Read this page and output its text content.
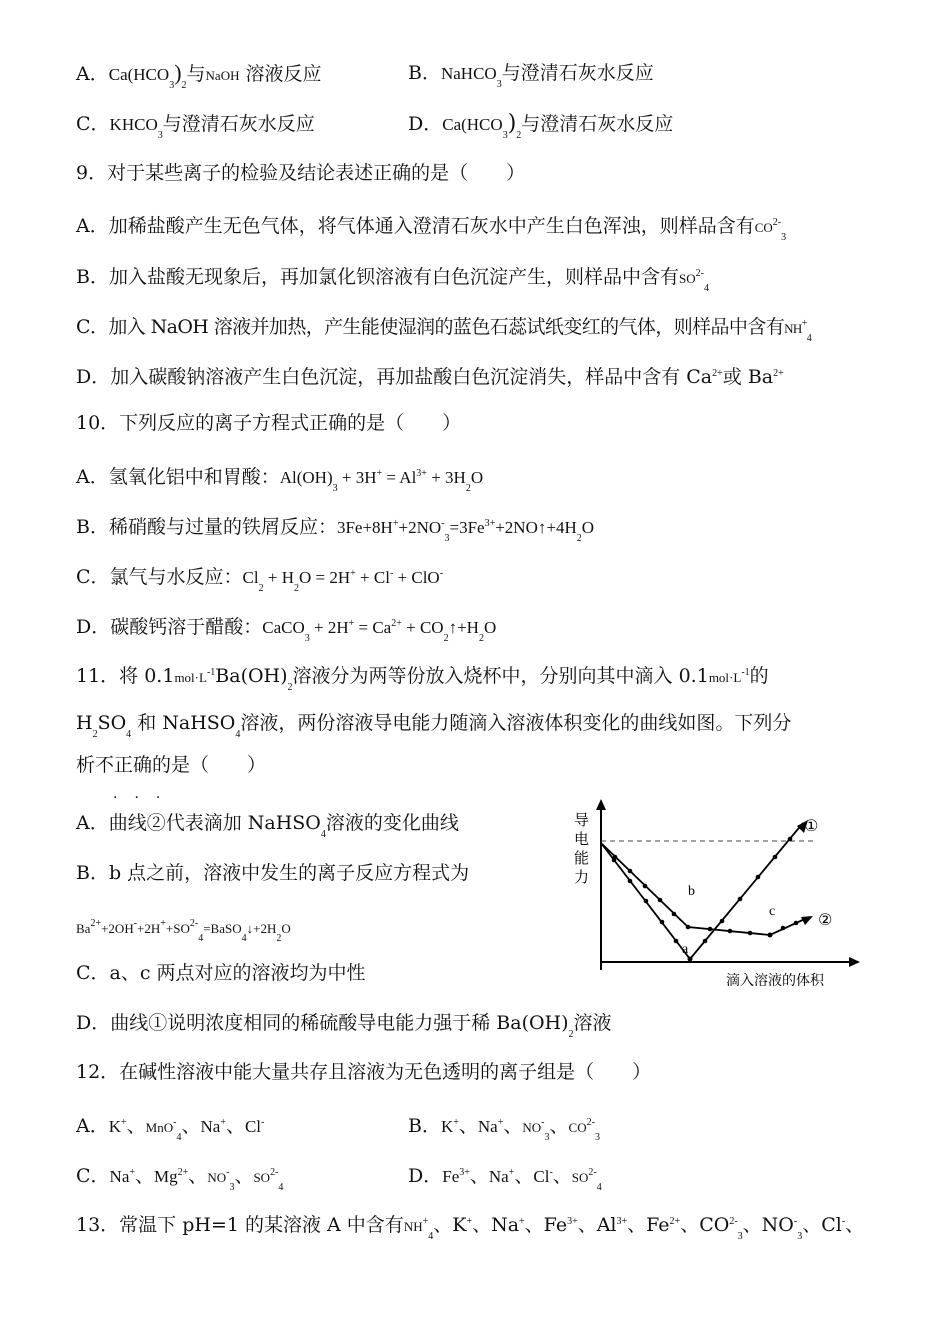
A．$Ca(HCO_3)_2$与NaOH 溶液反应	B．NaHCO$_3$与澄清石灰水反应
C．$KHCO_3$与澄清石灰水反应	D．$Ca(HCO_3)_2$与澄清石灰水反应
9．对于某些离子的检验及结论表述正确的是（　　）
A．加稀盐酸产生无色气体，将气体通入澄清石灰水中产生白色浑浊，则样品含有$CO^{2-}_3$
B．加入盐酸无现象后，再加氯化钡溶液有白色沉淀产生，则样品中含有$SO^{2-}_4$
C．加入 NaOH 溶液并加热，产生能使湿润的蓝色石蕊试纸变红的气体，则样品中含有$NH^+_4$
D．加入碳酸钠溶液产生白色沉淀，再加盐酸白色沉淀消失，样品中含有 $Ca^{2+}$或 $Ba^{2+}$
10．下列反应的离子方程式正确的是（　　）
A．氢氧化铝中和胃酸：$Al(OH)_3 + 3H^+ = Al^{3+} + 3H_2O$
B．稀硝酸与过量的铁屑反应：$3Fe+8H^++2NO^-_3=3Fe^{3+}+2NO↑+4H_2O$
C．氯气与水反应：$Cl_2 + H_2O = 2H^+ + Cl^- + ClO^-$
D．碳酸钙溶于醋酸：CaCO$_3$ + $2H^+ = Ca^{2+}$ + $CO_2↑+H_2O$
11．将 $0.1mol\cdot L^{-1}Ba(OH)_2$溶液分为两等份放入烧杯中，分别向其中滴入 $0.1mol\cdot L^{-1}$的
$H_2SO_4$ 和 NaHSO$_4$溶液，两份溶液导电能力随滴入溶液体积变化的曲线如图。下列分
析不正确的是（　　）
···
A．曲线②代表滴加 NaHSO$_4$溶液的变化曲线
B．b 点之前，溶液中发生的离子反应方程式为
$Ba^{2+}+2OH^-+2H^++SO^{2-}_4=BaSO_4↓+2H_2O$
C．a、c 两点对应的溶液均为中性
D．曲线①说明浓度相同的稀硫酸导电能力强于稀 $Ba(OH)_2$溶液
导
电
能
力
滴入溶液的体积
①
②
a
b
c
12．在碱性溶液中能大量共存且溶液为无色透明的离子组是（　　）
A．K+、MnO-$_4$、Na+、Cl-	B．K+、Na+、$NO^-_3$、$CO^{2-}_3$
C．Na+、$Mg^{2+}$、$NO^-_3$、$SO^{2-}_4$
D．$Fe^{3+}$、Na+、Cl-、$SO^{2-}_4$
13．常温下 pH=1 的某溶液 A 中含有$NH^+_4$、K+、Na+、$Fe^{3+}$、$Al^{3+}$、$Fe^{2+}$、$CO^{2-}_3$、$NO^-_3$、Cl-、
